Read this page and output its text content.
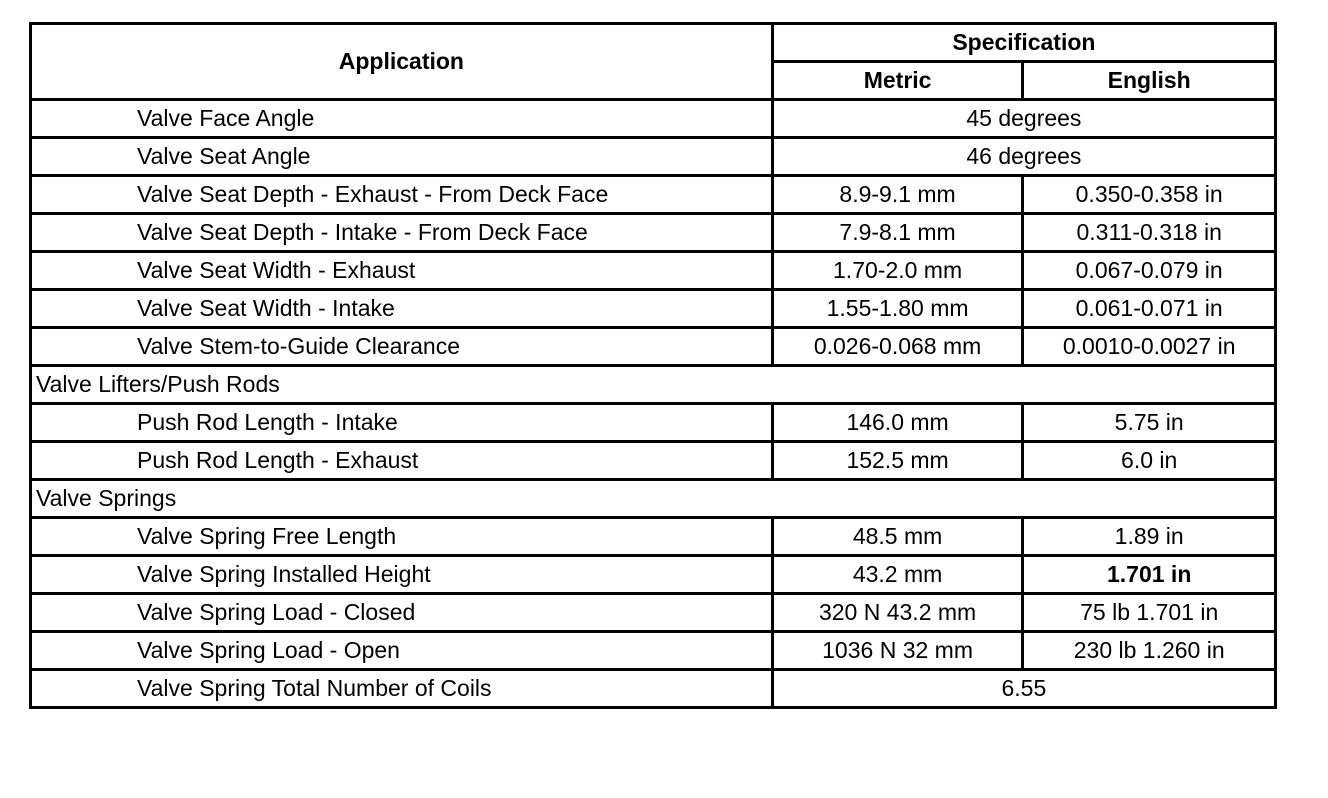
Application	Specification	
	Metric	English
Valve Face Angle	45 degrees	
Valve Seat Angle	46 degrees	
Valve Seat Depth - Exhaust - From Deck Face	8.9-9.1 mm	0.350-0.358 in
Valve Seat Depth - Intake - From Deck Face	7.9-8.1 mm	0.311-0.318 in
Valve Seat Width - Exhaust	1.70-2.0 mm	0.067-0.079 in
Valve Seat Width - Intake	1.55-1.80 mm	0.061-0.071 in
Valve Stem-to-Guide Clearance	0.026-0.068 mm	0.0010-0.0027 in
Valve Lifters/Push Rods		
Push Rod Length - Intake	146.0 mm	5.75 in
Push Rod Length - Exhaust	152.5 mm	6.0 in
Valve Springs		
Valve Spring Free Length	48.5 mm	1.89 in
Valve Spring Installed Height	43.2 mm	1.701 in
Valve Spring Load - Closed	320 N 43.2 mm	75 lb 1.701 in
Valve Spring Load - Open	1036 N 32 mm	230 lb 1.260 in
Valve Spring Total Number of Coils	6.55	
